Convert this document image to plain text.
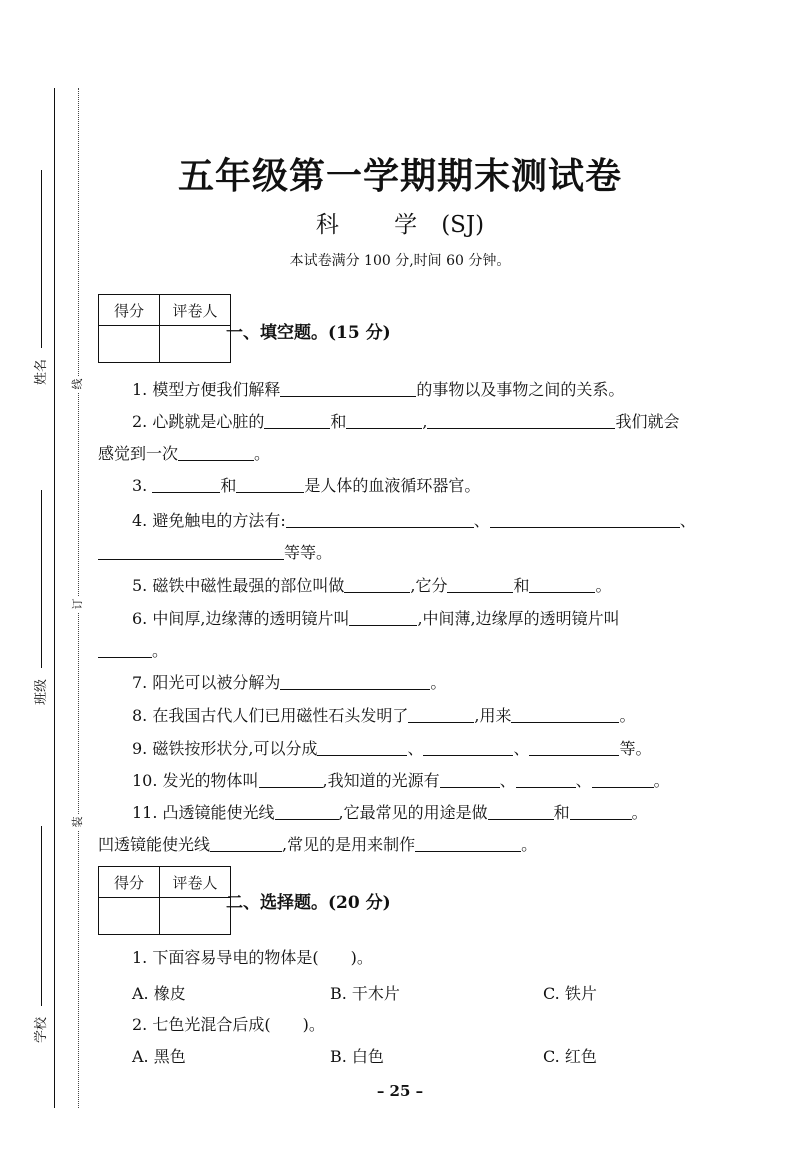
姓名
班级
学校
线
订
装
五年级第一学期期末测试卷
科 学(SJ)
本试卷满分 100 分,时间 60 分钟。
得分	评卷人

一、填空题。(15 分)
1. 模型方便我们解释	的事物以及事物之间的关系。
2. 心跳就是心脏的	和	,	我们就会
感觉到一次	。
3.	和	是人体的血液循环器官。
4. 避免触电的方法有:	、	、
等等。
5. 磁铁中磁性最强的部位叫做	,它分	和	。
6. 中间厚,边缘薄的透明镜片叫	,中间薄,边缘厚的透明镜片叫
。
7. 阳光可以被分解为	。
8. 在我国古代人们已用磁性石头发明了	,用来	。
9. 磁铁按形状分,可以分成	、	、	等。
10. 发光的物体叫	,我知道的光源有	、	、	。
11. 凸透镜能使光线	,它最常见的用途是做	和	。
凹透镜能使光线	,常见的是用来制作	。
得分	评卷人

二、选择题。(20 分)
1. 下面容易导电的物体是(　　)。
A. 橡皮	B. 干木片	C. 铁片
2. 七色光混合后成(　　)。
A. 黑色	B. 白色	C. 红色
– 25 –
